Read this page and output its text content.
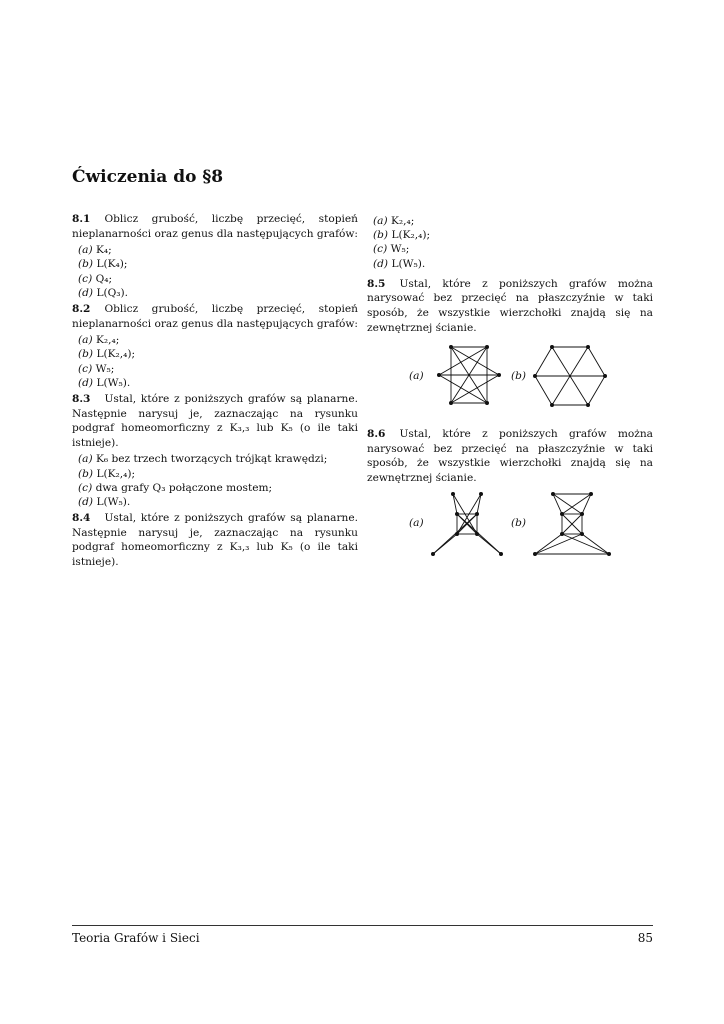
Ćwiczenia do §8

8.1 Oblicz grubość, liczbę przecięć, stopień nieplanarności oraz genus dla następujących grafów:

(a) K₄;
(b) L(K₄);
(c) Q₄;
(d) L(Q₃).

8.2 Oblicz grubość, liczbę przecięć, stopień nieplanarności oraz genus dla następujących grafów:

(a) K₂,₄;
(b) L(K₂,₄);
(c) W₅;
(d) L(W₅).

8.3 Ustal, które z poniższych grafów są planarne. Następnie narysuj je, zaznaczając na rysunku podgraf homeomorficzny z K₃,₃ lub K₅ (o ile taki istnieje).

(a) K₆ bez trzech tworzących trójkąt krawędzi;
(b) L(K₂,₄);
(c) dwa grafy Q₃ połączone mostem;
(d) L(W₅).

8.4 Ustal, które z poniższych grafów są planarne. Następnie narysuj je, zaznaczając na rysunku podgraf homeomorficzny z K₃,₃ lub K₅ (o ile taki istnieje).

(a) K₂,₄;
(b) L(K₂,₄);
(c) W₅;
(d) L(W₅).

8.5 Ustal, które z poniższych grafów można narysować bez przecięć na płaszczyźnie w taki sposób, że wszystkie wierzchołki znajdą się na zewnętrznej ścianie.

(a)	(b)

8.6 Ustal, które z poniższych grafów można narysować bez przecięć na płaszczyźnie w taki sposób, że wszystkie wierzchołki znajdą się na zewnętrznej ścianie.

(a)	(b)
Teoria Grafów i Sieci	85
